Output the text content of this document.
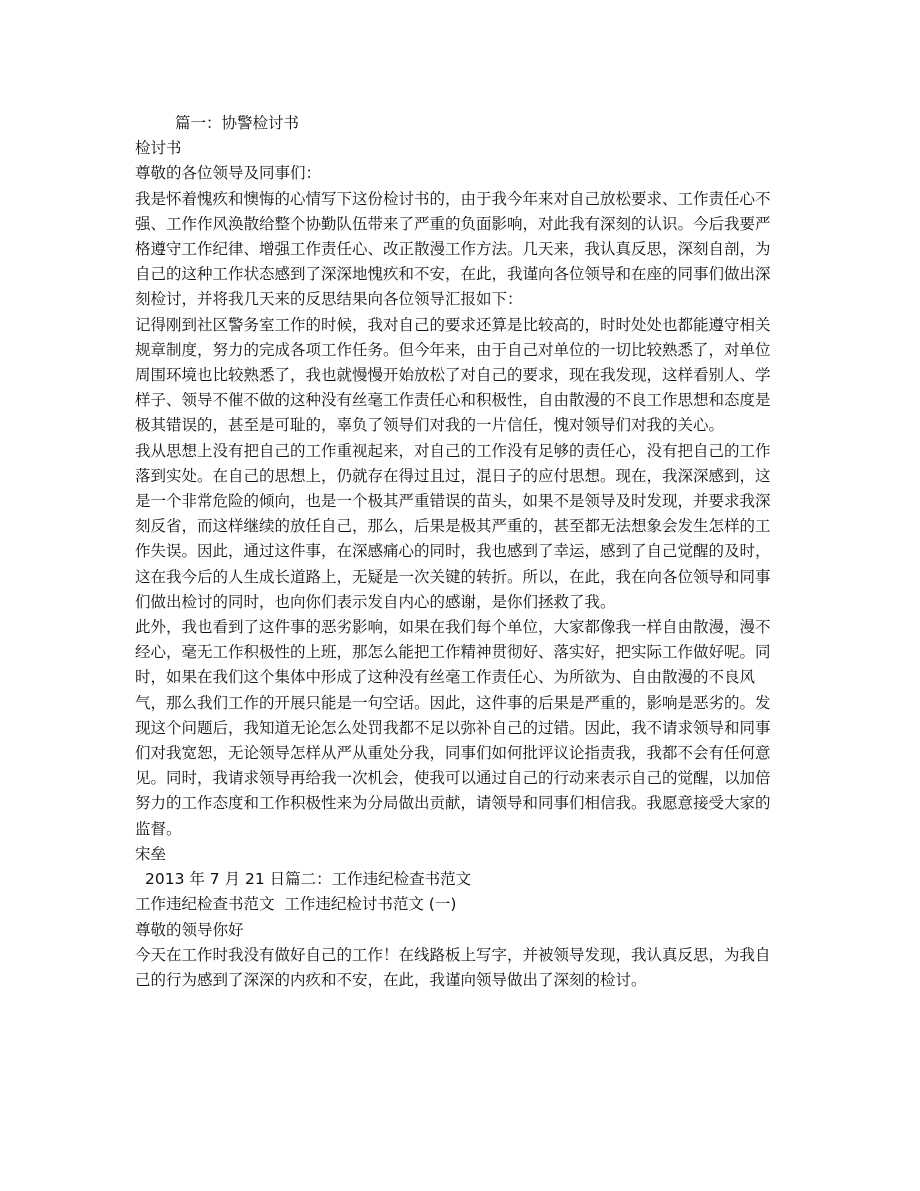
篇一：协警检讨书
检讨书
尊敬的各位领导及同事们：
我是怀着愧疚和懊悔的心情写下这份检讨书的，由于我今年来对自己放松要求、工作责任心不强、工作作风涣散给整个协勤队伍带来了严重的负面影响，对此我有深刻的认识。今后我要严格遵守工作纪律、增强工作责任心、改正散漫工作方法。几天来，我认真反思，深刻自剖，为自己的这种工作状态感到了深深地愧疚和不安，在此，我谨向各位领导和在座的同事们做出深刻检讨，并将我几天来的反思结果向各位领导汇报如下：
记得刚到社区警务室工作的时候，我对自己的要求还算是比较高的，时时处处也都能遵守相关规章制度，努力的完成各项工作任务。但今年来，由于自己对单位的一切比较熟悉了，对单位周围环境也比较熟悉了，我也就慢慢开始放松了对自己的要求，现在我发现，这样看别人、学样子、领导不催不做的这种没有丝毫工作责任心和积极性，自由散漫的不良工作思想和态度是极其错误的，甚至是可耻的，辜负了领导们对我的一片信任，愧对领导们对我的关心。
我从思想上没有把自己的工作重视起来，对自己的工作没有足够的责任心，没有把自己的工作落到实处。在自己的思想上，仍就存在得过且过，混日子的应付思想。现在，我深深感到，这是一个非常危险的倾向，也是一个极其严重错误的苗头，如果不是领导及时发现，并要求我深刻反省，而这样继续的放任自己，那么，后果是极其严重的，甚至都无法想象会发生怎样的工作失误。因此，通过这件事，在深感痛心的同时，我也感到了幸运，感到了自己觉醒的及时，这在我今后的人生成长道路上，无疑是一次关键的转折。所以，在此，我在向各位领导和同事们做出检讨的同时，也向你们表示发自内心的感谢，是你们拯救了我。
此外，我也看到了这件事的恶劣影响，如果在我们每个单位，大家都像我一样自由散漫，漫不经心，毫无工作积极性的上班，那怎么能把工作精神贯彻好、落实好，把实际工作做好呢。同时，如果在我们这个集体中形成了这种没有丝毫工作责任心、为所欲为、自由散漫的不良风气，那么我们工作的开展只能是一句空话。因此，这件事的后果是严重的，影响是恶劣的。发现这个问题后，我知道无论怎么处罚我都不足以弥补自己的过错。因此，我不请求领导和同事们对我宽恕，无论领导怎样从严从重处分我，同事们如何批评议论指责我，我都不会有任何意见。同时，我请求领导再给我一次机会，使我可以通过自己的行动来表示自己的觉醒，以加倍努力的工作态度和工作积极性来为分局做出贡献，请领导和同事们相信我。我愿意接受大家的监督。
宋垒
2013 年 7 月 21 日篇二：工作违纪检查书范文
工作违纪检查书范文  工作违纪检讨书范文 (一)
尊敬的领导你好
今天在工作时我没有做好自己的工作！在线路板上写字，并被领导发现，我认真反思，为我自己的行为感到了深深的内疚和不安，在此，我谨向领导做出了深刻的检讨。
